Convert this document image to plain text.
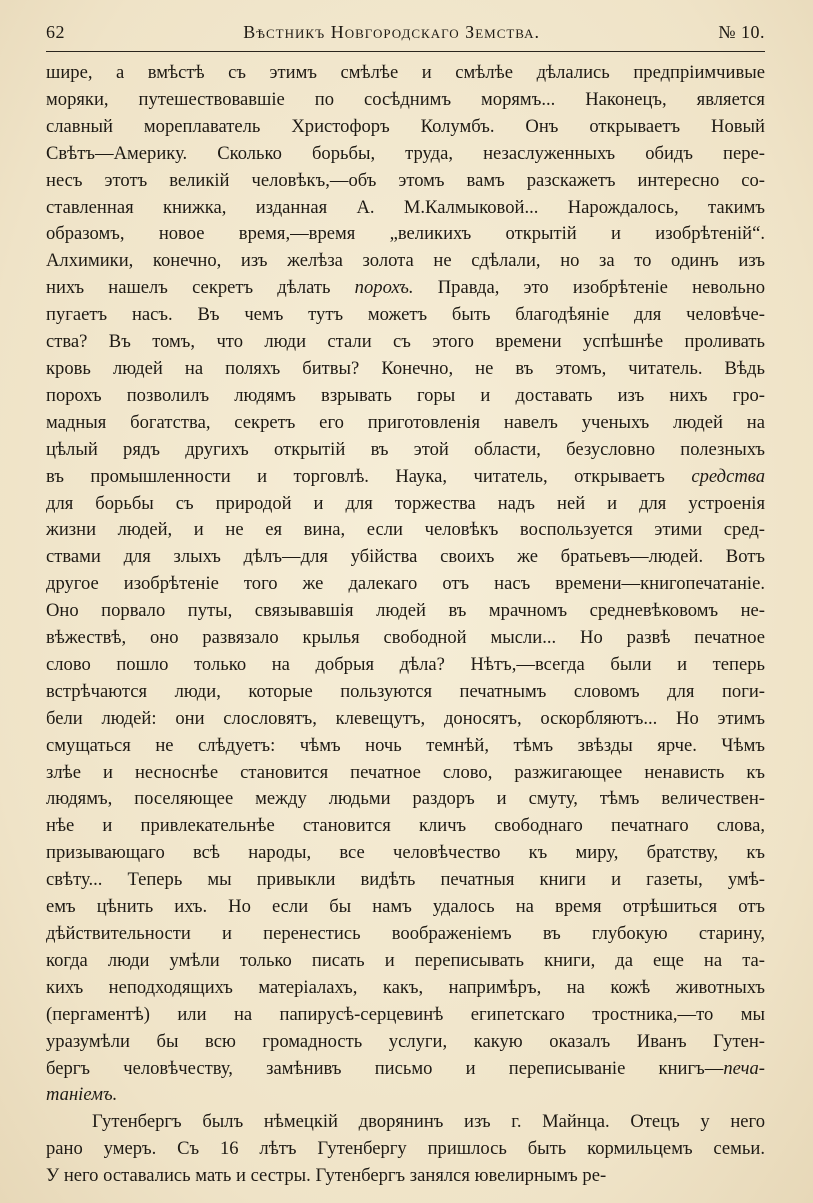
62	Вѣстникъ Новгородскаго Земства.	№ 10.
ширe, а вмѣстѣ съ этимъ смѣлѣе и смѣлѣе дѣлались предпріимчивые
моряки, путешествовавшіе по сосѣднимъ морямъ... Наконецъ, является
славный мореплаватель Христофоръ Колумбъ. Онъ открываетъ Новый
Свѣтъ—Америку. Сколько борьбы, труда, незаслуженныхъ обидъ пере-
несъ этотъ великій человѣкъ,—объ этомъ вамъ разскажетъ интересно со-
ставленная книжка, изданная А. М.Калмыковой... Нарождалось, такимъ
образомъ, новое время,—время „великихъ открытій и изобрѣтеній“.
Алхимики, конечно, изъ желѣза золота не сдѣлали, но за то одинъ изъ
нихъ нашелъ секретъ дѣлать порохъ. Правда, это изобрѣтеніе невольно
пугаетъ насъ. Въ чемъ тутъ можетъ быть благодѣяніе для человѣче-
ства? Въ томъ, что люди стали съ этого времени успѣшнѣе проливать
кровь людей на поляхъ битвы? Конечно, не въ этомъ, читатель. Вѣдь
порохъ позволилъ людямъ взрывать горы и доставать изъ нихъ гро-
мадныя богатства, секретъ его приготовленія навелъ ученыхъ людей на
цѣлый рядъ другихъ открытій въ этой области, безусловно полезныхъ
въ промышленности и торговлѣ. Наука, читатель, открываетъ средства
для борьбы съ природой и для торжества надъ ней и для устроенія
жизни людей, и не ея вина, если человѣкъ воспользуется этими сред-
ствами для злыхъ дѣлъ—для убійства своихъ же братьевъ—людей. Вотъ
другое изобрѣтеніе того же далекаго отъ насъ времени—книгопечатаніе.
Оно порвало путы, связывавшія людей въ мрачномъ средневѣковомъ не-
вѣжествѣ, оно развязало крылья свободной мысли... Но развѣ печатное
слово пошло только на добрыя дѣла? Нѣтъ,—всегда были и теперь
встрѣчаются люди, которые пользуются печатнымъ словомъ для поги-
бели людей: они слословятъ, клевещутъ, доносятъ, оскорбляютъ... Но этимъ
смущаться не слѣдуетъ: чѣмъ ночь темнѣй, тѣмъ звѣзды ярче. Чѣмъ
злѣе и несноснѣе становится печатное слово, разжигающее ненависть къ
людямъ, поселяющее между людьми раздоръ и смуту, тѣмъ величествен-
нѣе и привлекательнѣе становится кличъ свободнаго печатнаго слова,
призывающаго всѣ народы, все человѣчество къ миру, братству, къ
свѣту... Теперь мы привыкли видѣть печатныя книги и газеты, умѣ-
емъ цѣнить ихъ. Но если бы намъ удалось на время отрѣшиться отъ
дѣйствительности и перенестись воображеніемъ въ глубокую старину,
когда люди умѣли только писать и переписывать книги, да еще на та-
кихъ неподходящихъ матеріалахъ, какъ, напримѣръ, на кожѣ животныхъ
(пергаментѣ) или на папирусѣ-серцевинѣ египетскаго тростника,—то мы
уразумѣли бы всю громадность услуги, какую оказалъ Иванъ Гутен-
бергъ человѣчеству, замѣнивъ письмо и переписываніе книгъ—печа-
таніемъ.
Гутенбергъ былъ нѣмецкій дворянинъ изъ г. Майнца. Отецъ у него
рано умеръ. Съ 16 лѣтъ Гутенбергу пришлось быть кормильцемъ семьи.
У него оставались мать и сестры. Гутенбергъ занялся ювелирнымъ ре-
